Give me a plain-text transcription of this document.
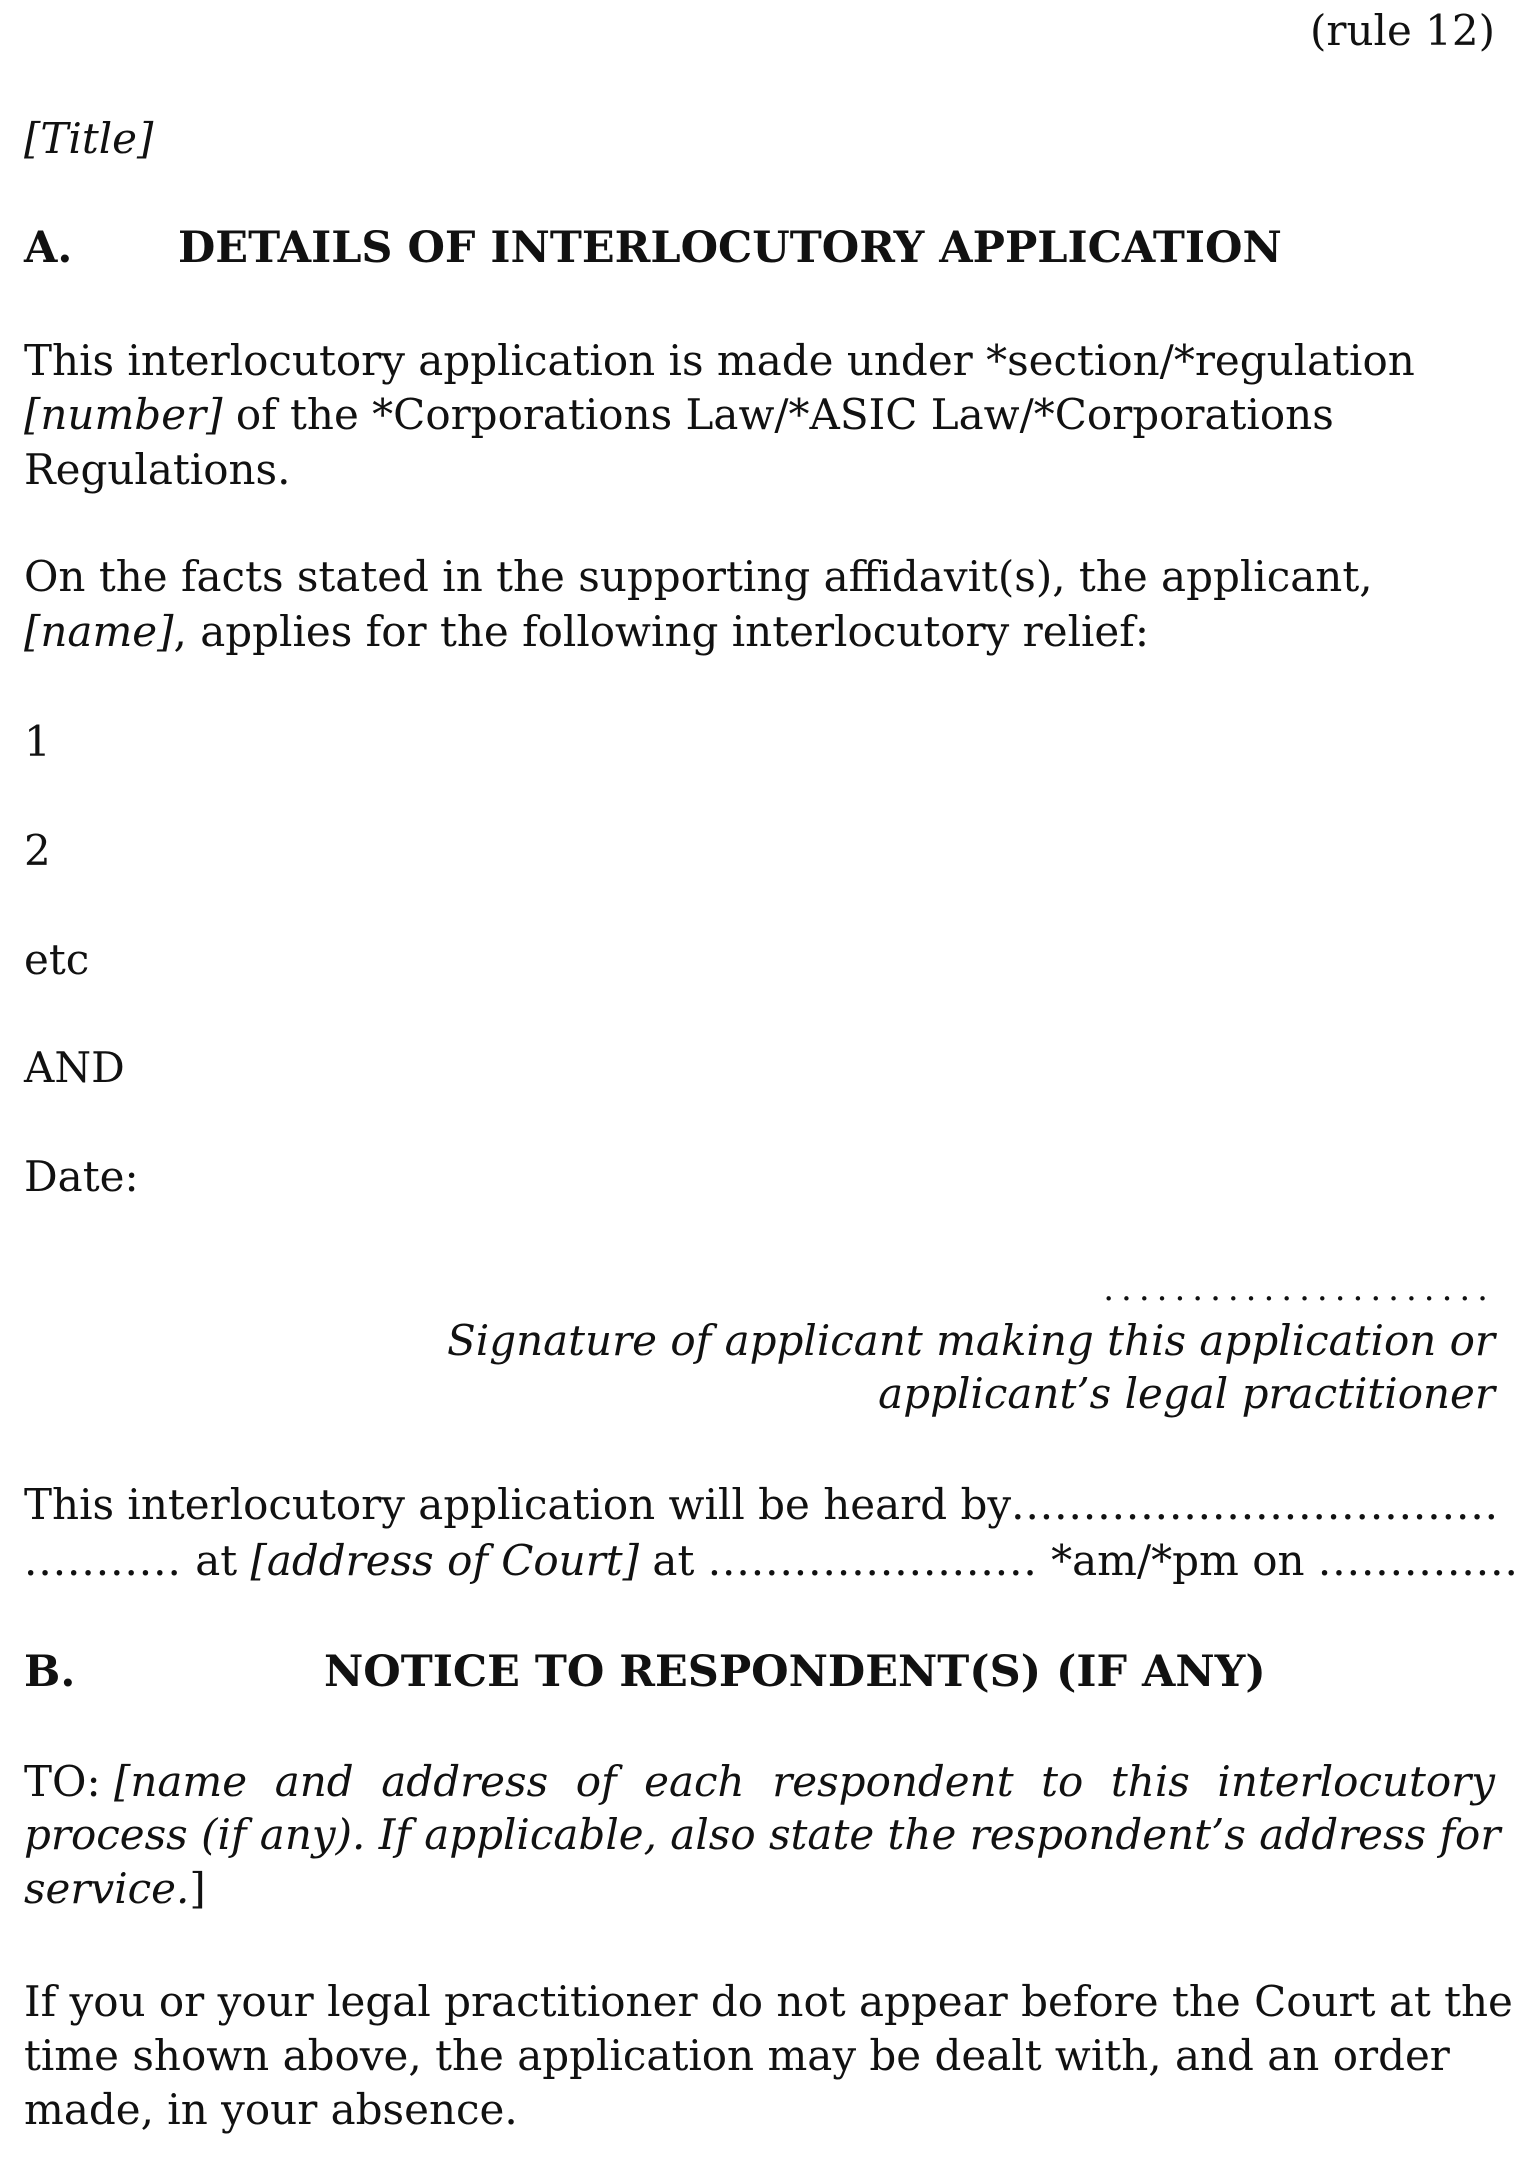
(rule 12)
[Title]
A. DETAILS OF INTERLOCUTORY APPLICATION
This interlocutory application is made under *section/*regulation
[number] of the *Corporations Law/*ASIC Law/*Corporations
Regulations.
On the facts stated in the supporting affidavit(s), the applicant,
[name], applies for the following interlocutory relief:
1
2
etc
AND
Date:
......................
Signature of applicant making this application or
applicant’s legal practitioner
This interlocutory application will be heard by ..................................
........... at [address of Court] at ....................... *am/*pm on ..............
B.	NOTICE TO RESPONDENT(S) (IF ANY)
TO: [name and address of each respondent to this interlocutory
process (if any). If applicable, also state the respondent’s address for
service.]
If you or your legal practitioner do not appear before the Court at the
time shown above, the application may be dealt with, and an order
made, in your absence.
